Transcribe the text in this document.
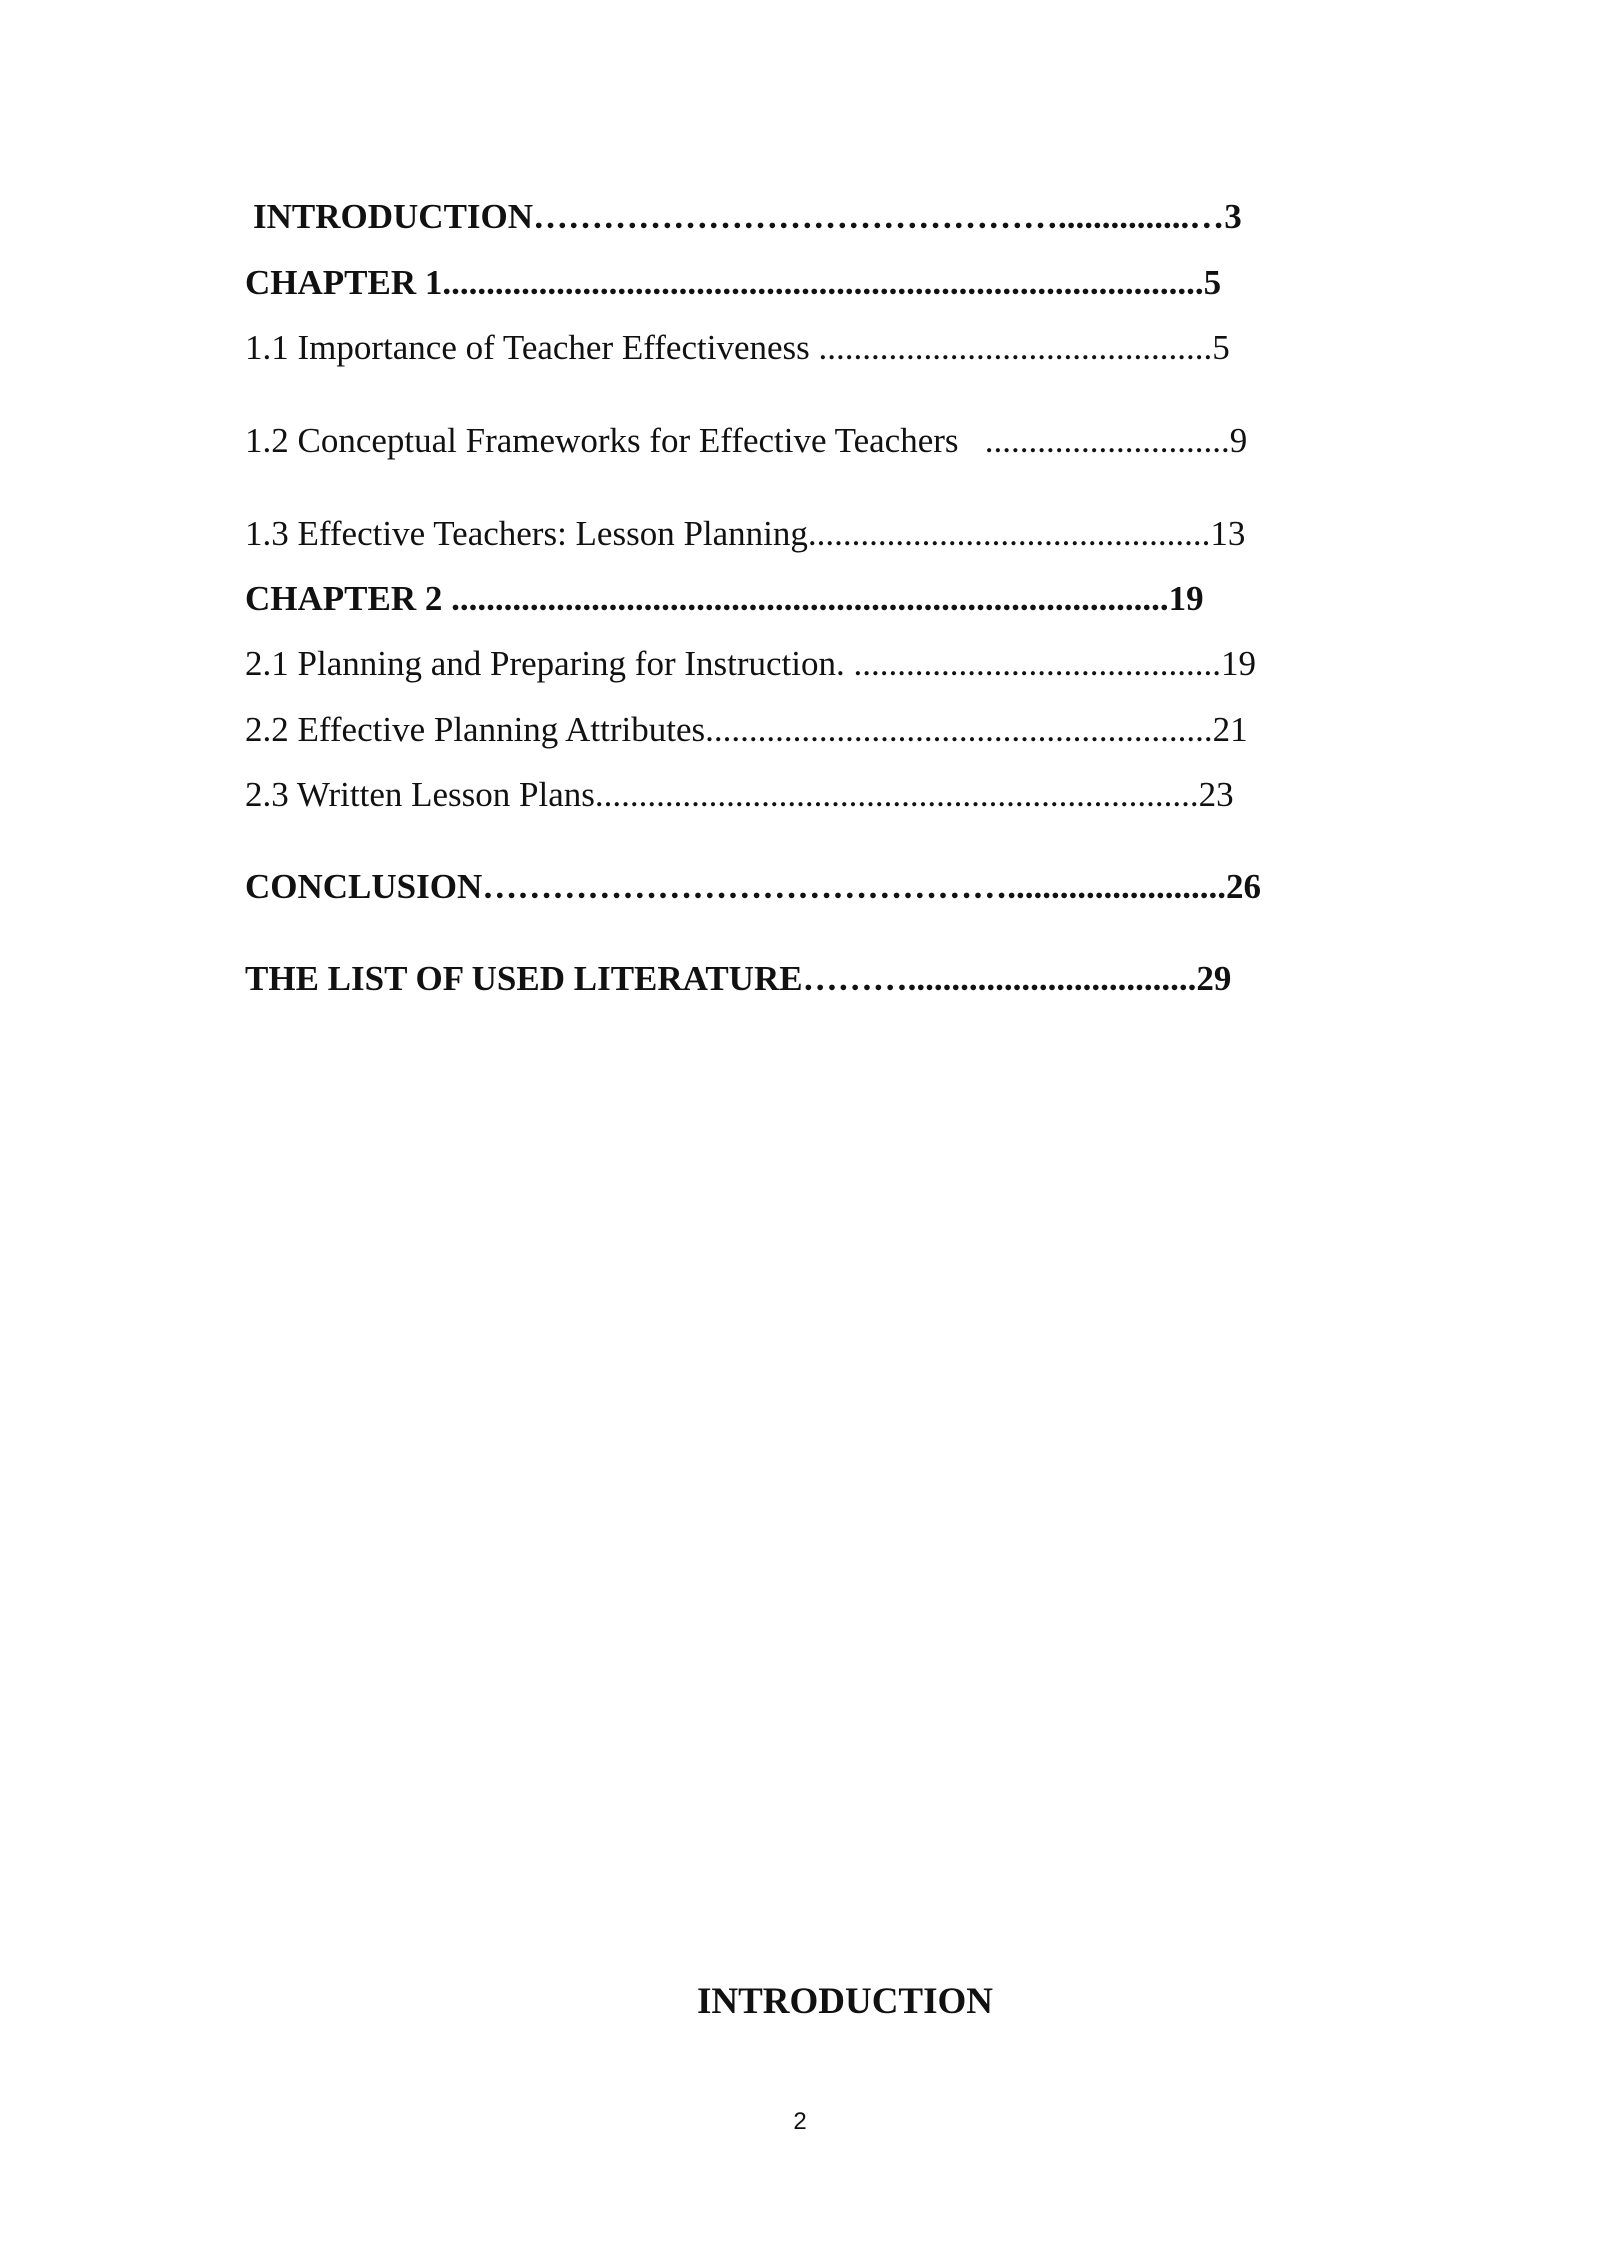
INTRODUCTION………………………………………...............…3
CHAPTER 1.......................................................................................5
1.1 Importance of Teacher Effectiveness .............................................5
1.2 Conceptual Frameworks for Effective Teachers   ............................9
1.3 Effective Teachers: Lesson Planning..............................................13
CHAPTER 2 ..................................................................................19
2.1 Planning and Preparing for Instruction. ..........................................19
2.2 Effective Planning Attributes..........................................................21
2.3 Written Lesson Plans.....................................................................23
CONCLUSION……………………………………….........................26
THE LIST OF USED LITERATURE……….................................29
INTRODUCTION
2
